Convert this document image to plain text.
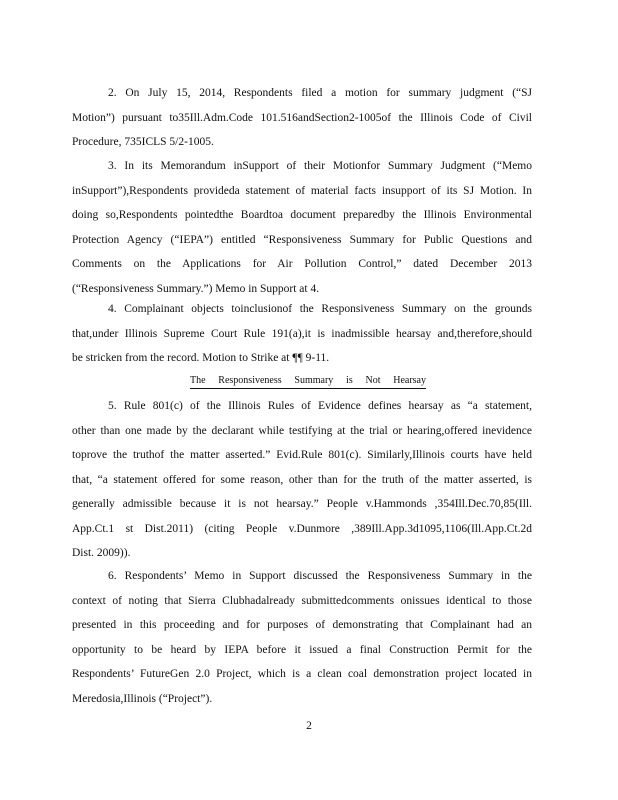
2. On July 15, 2014, Respondents filed a motion for summary judgment (“SJ
Motion”) pursuant to35Ill.Adm.Code 101.516andSection2-1005of the Illinois Code of Civil
Procedure, 735ICLS 5/2-1005.
3. In its Memorandum inSupport of their Motionfor Summary Judgment (“Memo
inSupport”),Respondents provideda statement of material facts insupport of its SJ Motion. In
doing so,Respondents pointedthe Boardtoa document preparedby the Illinois Environmental
Protection Agency (“IEPA”) entitled “Responsiveness Summary for Public Questions and
Comments on the Applications for Air Pollution Control,” dated December 2013
(“Responsiveness Summary.”) Memo in Support at 4.
4. Complainant objects toinclusionof the Responsiveness Summary on the grounds
that,under Illinois Supreme Court Rule 191(a),it is inadmissible hearsay and,therefore,should
be stricken from the record. Motion to Strike at ¶¶ 9-11.
The Responsiveness Summary is Not Hearsay
5. Rule 801(c) of the Illinois Rules of Evidence defines hearsay as “a statement,
other than one made by the declarant while testifying at the trial or hearing,offered inevidence
toprove the truthof the matter asserted.” Evid.Rule 801(c). Similarly,Illinois courts have held
that, “a statement offered for some reason, other than for the truth of the matter asserted, is
generally admissible because it is not hearsay.” People v.Hammonds ,354Ill.Dec.70,85(Ill.
App.Ct.1 st Dist.2011) (citing People v.Dunmore ,389Ill.App.3d1095,1106(Ill.App.Ct.2d
Dist. 2009)).
6. Respondents’ Memo in Support discussed the Responsiveness Summary in the
context of noting that Sierra Clubhadalready submittedcomments onissues identical to those
presented in this proceeding and for purposes of demonstrating that Complainant had an
opportunity to be heard by IEPA before it issued a final Construction Permit for the
Respondents’ FutureGen 2.0 Project, which is a clean coal demonstration project located in
Meredosia,Illinois (“Project”).
2
